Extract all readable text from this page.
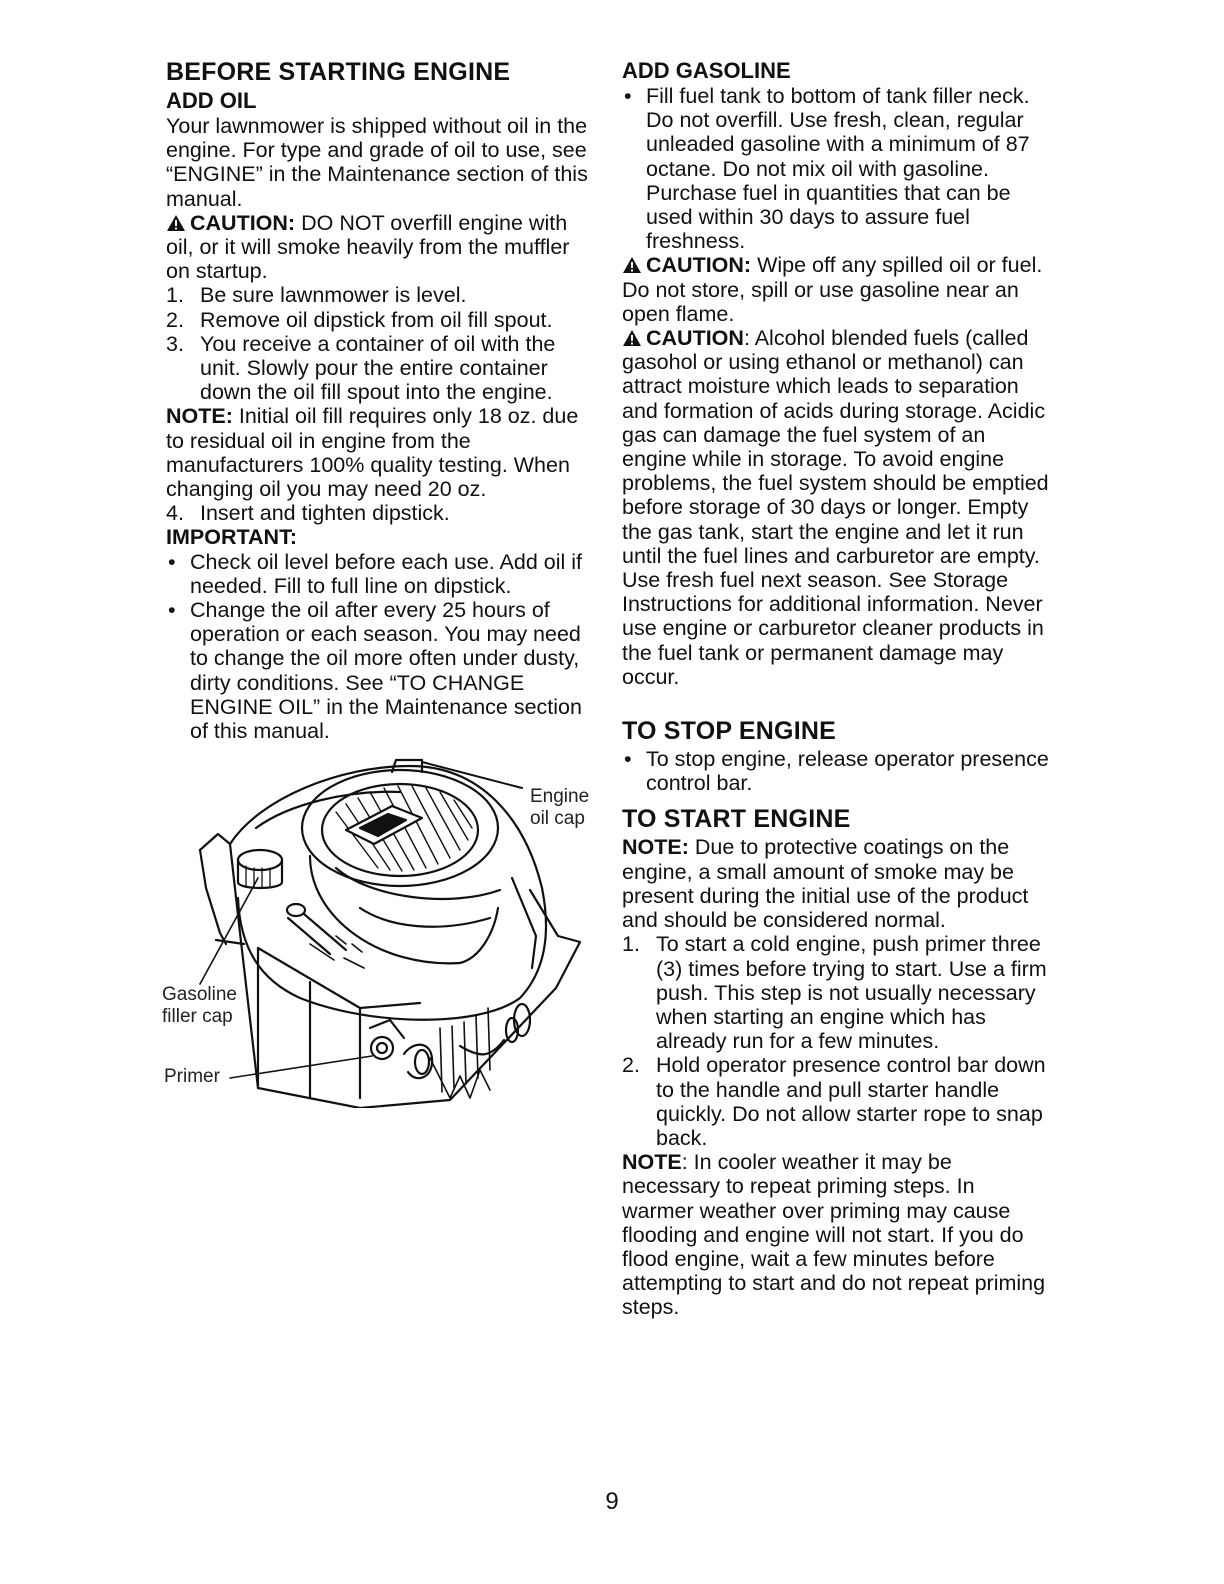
BEFORE STARTING ENGINE
ADD OIL

Your lawnmower is shipped without oil in the engine. For type and grade of oil to use, see “ENGINE” in the Maintenance section of this manual.

CAUTION: DO NOT overfill engine with oil, or it will smoke heavily from the muffler on startup.

1. Be sure lawnmower is level.
2. Remove oil dipstick from oil fill spout.
3. You receive a container of oil with the unit. Slowly pour the entire container down the oil fill spout into the engine.

NOTE: Initial oil fill requires only 18 oz. due to residual oil in engine from the manufacturers 100% quality testing. When changing oil you may need 20 oz.

4. Insert and tighten dipstick.

IMPORTANT:

• Check oil level before each use. Add oil if needed. Fill to full line on dipstick.
• Change the oil after every 25 hours of operation or each season. You may need to change the oil more often under dusty, dirty conditions. See “TO CHANGE ENGINE OIL” in the Maintenance section of this manual.
Engine oil cap
Gasoline filler cap
Primer
ADD GASOLINE
• Fill fuel tank to bottom of tank filler neck. Do not overfill. Use fresh, clean, regular unleaded gasoline with a minimum of 87 octane. Do not mix oil with gasoline. Purchase fuel in quantities that can be used within 30 days to assure fuel freshness.

CAUTION: Wipe off any spilled oil or fuel. Do not store, spill or use gasoline near an open flame.

CAUTION: Alcohol blended fuels (called gasohol or using ethanol or methanol) can attract moisture which leads to separation and formation of acids during storage. Acidic gas can damage the fuel system of an engine while in storage. To avoid engine problems, the fuel system should be emptied before storage of 30 days or longer. Empty the gas tank, start the engine and let it run until the fuel lines and carburetor are empty. Use fresh fuel next season. See Storage Instructions for additional information. Never use engine or carburetor cleaner products in the fuel tank or permanent damage may occur.

TO STOP ENGINE
• To stop engine, release operator presence control bar.
TO START ENGINE

NOTE: Due to protective coatings on the engine, a small amount of smoke may be present during the initial use of the product and should be considered normal.

1. To start a cold engine, push primer three (3) times before trying to start. Use a firm push. This step is not usually necessary when starting an engine which has already run for a few minutes.
2. Hold operator presence control bar down to the handle and pull starter handle quickly. Do not allow starter rope to snap back.

NOTE: In cooler weather it may be necessary to repeat priming steps. In warmer weather over priming may cause flooding and engine will not start. If you do flood engine, wait a few minutes before attempting to start and do not repeat priming steps.

9
